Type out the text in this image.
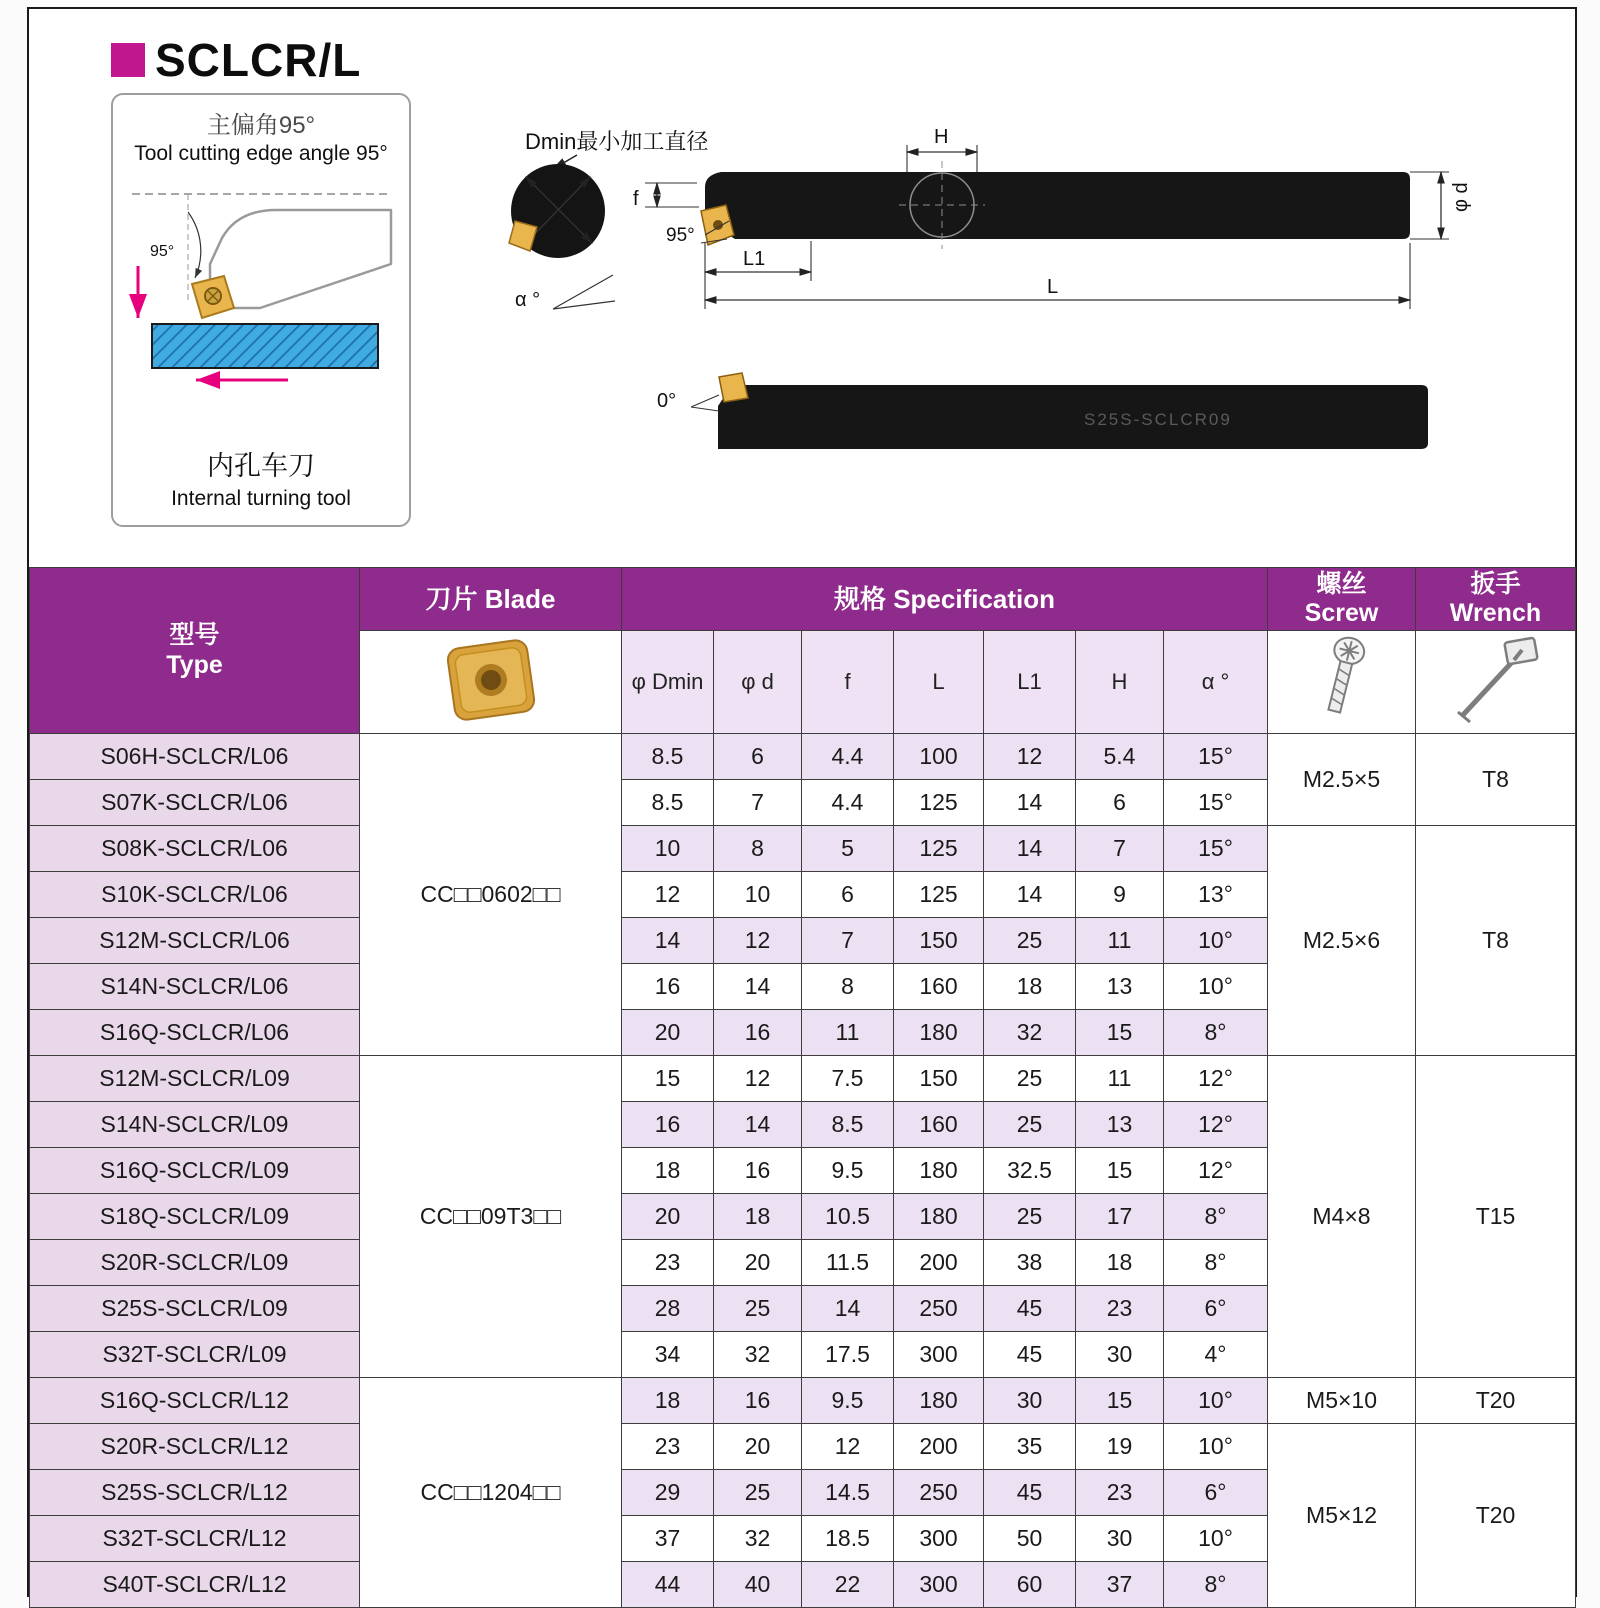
SCLCR/L
主偏角95°
Tool cutting edge angle 95°
95°
内孔车刀
Internal turning tool
Dmin最小加工直径
α °
f
95°
L1
H
φ d
L
S25S-SCLCR09
0°
型号
Type
	刀片 Blade	规格 Specification	
螺丝
Screw

扳手
Wrench

	φ Dmin	φ d	f	L	L1	H	α °		
S06H-SCLCR/L06	CC□□0602□□	8.5	6	4.4	100	12	5.4	15°	M2.5×5	T8
S07K-SCLCR/L06		8.5	7	4.4	125	14	6	15°		
S08K-SCLCR/L06		10	8	5	125	14	7	15°	M2.5×6	T8
S10K-SCLCR/L06		12	10	6	125	14	9	13°		
S12M-SCLCR/L06		14	12	7	150	25	11	10°		
S14N-SCLCR/L06		16	14	8	160	18	13	10°		
S16Q-SCLCR/L06		20	16	11	180	32	15	8°		
S12M-SCLCR/L09	CC□□09T3□□	15	12	7.5	150	25	11	12°	M4×8	T15
S14N-SCLCR/L09		16	14	8.5	160	25	13	12°		
S16Q-SCLCR/L09		18	16	9.5	180	32.5	15	12°		
S18Q-SCLCR/L09		20	18	10.5	180	25	17	8°		
S20R-SCLCR/L09		23	20	11.5	200	38	18	8°		
S25S-SCLCR/L09		28	25	14	250	45	23	6°		
S32T-SCLCR/L09		34	32	17.5	300	45	30	4°		
S16Q-SCLCR/L12	CC□□1204□□	18	16	9.5	180	30	15	10°	M5×10	T20
S20R-SCLCR/L12		23	20	12	200	35	19	10°	M5×12	T20
S25S-SCLCR/L12		29	25	14.5	250	45	23	6°		
S32T-SCLCR/L12		37	32	18.5	300	50	30	10°		
S40T-SCLCR/L12		44	40	22	300	60	37	8°		
